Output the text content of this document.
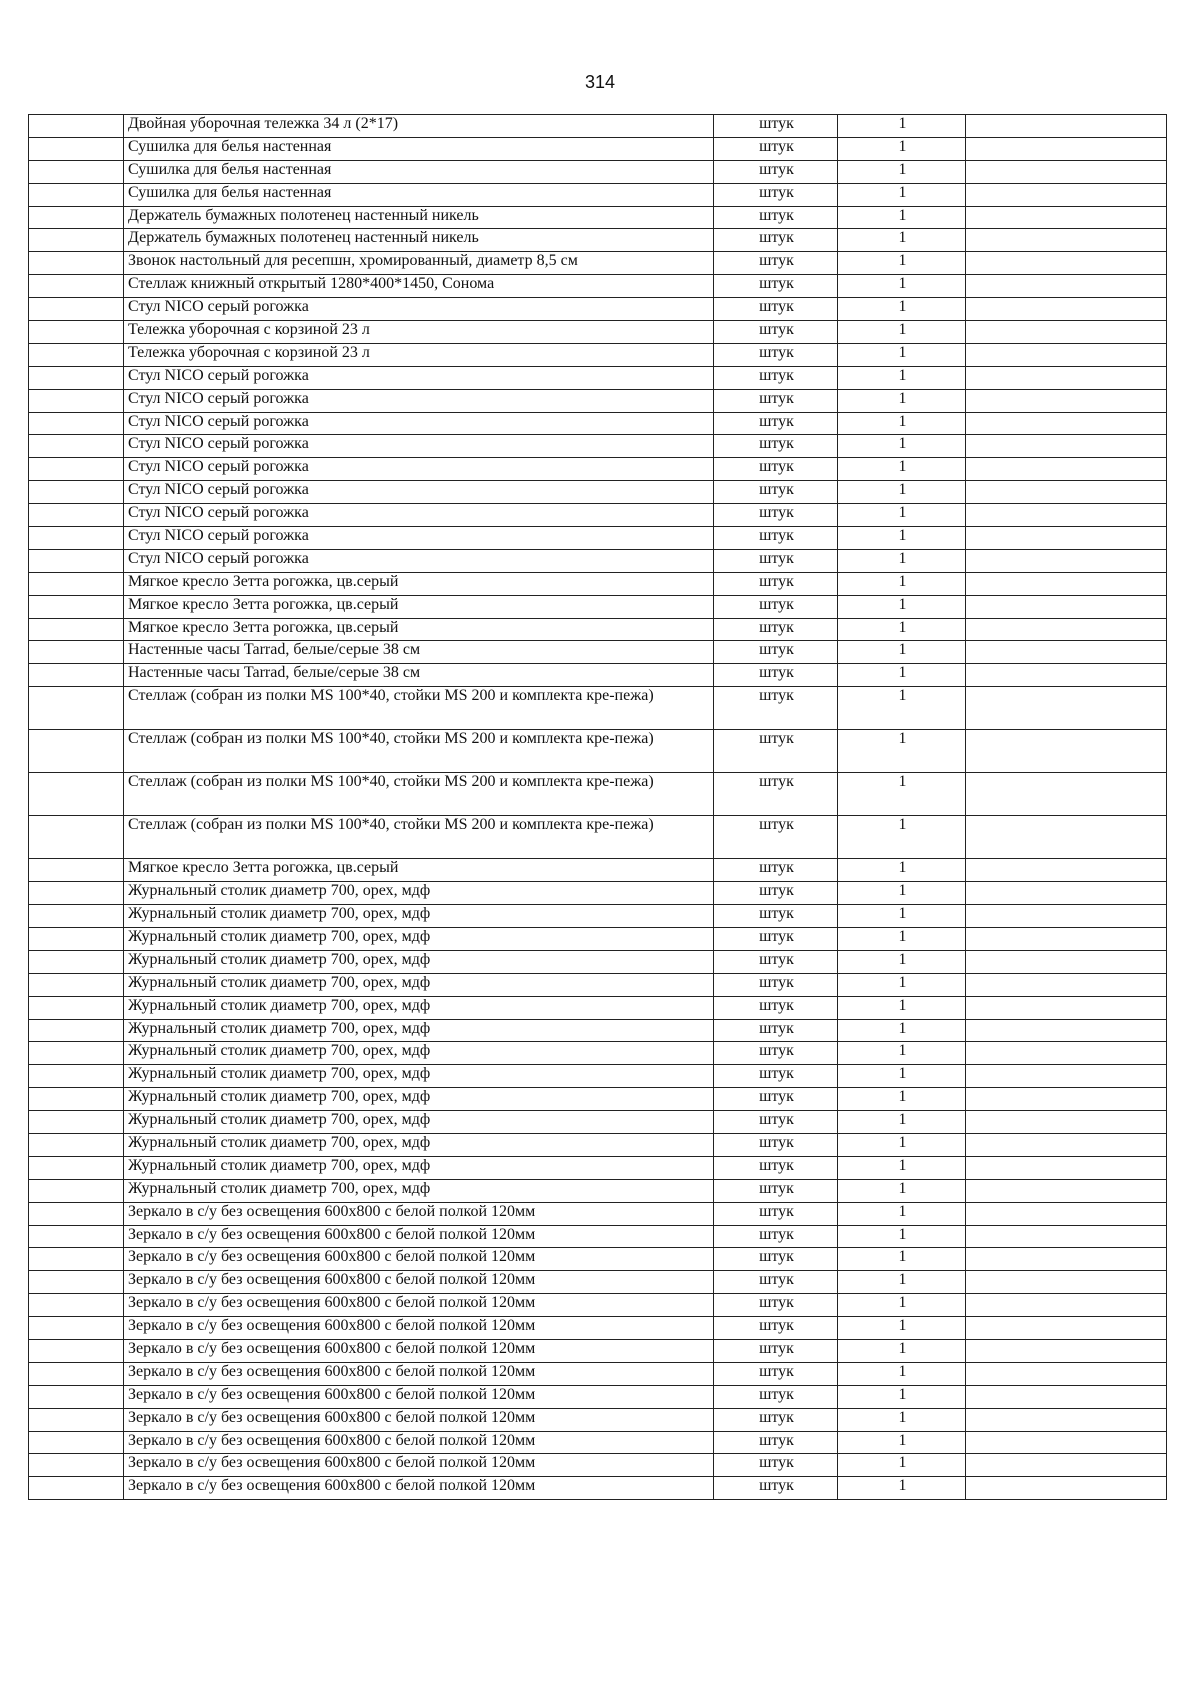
314
	Двойная уборочная тележка 34 л (2*17)	штук	1	
	Сушилка для белья настенная	штук	1	
	Сушилка для белья настенная	штук	1	
	Сушилка для белья настенная	штук	1	
	Держатель бумажных полотенец настенный никель	штук	1	
	Держатель бумажных полотенец настенный никель	штук	1	
	Звонок настольный для ресепшн, хромированный, диаметр 8,5 см	штук	1	
	Стеллаж книжный открытый 1280*400*1450, Сонома	штук	1	
	Стул NICO серый рогожка	штук	1	
	Тележка уборочная с корзиной 23 л	штук	1	
	Тележка уборочная с корзиной 23 л	штук	1	
	Стул NICO серый рогожка	штук	1	
	Стул NICO серый рогожка	штук	1	
	Стул NICO серый рогожка	штук	1	
	Стул NICO серый рогожка	штук	1	
	Стул NICO серый рогожка	штук	1	
	Стул NICO серый рогожка	штук	1	
	Стул NICO серый рогожка	штук	1	
	Стул NICO серый рогожка	штук	1	
	Стул NICO серый рогожка	штук	1	
	Мягкое кресло Зетта рогожка, цв.серый	штук	1	
	Мягкое кресло Зетта рогожка, цв.серый	штук	1	
	Мягкое кресло Зетта рогожка, цв.серый	штук	1	
	Настенные часы Tarrad, белые/серые 38 см	штук	1	
	Настенные часы Tarrad, белые/серые 38 см	штук	1	
	Стеллаж (собран из полки MS 100*40, стойки MS 200 и комплекта кре-пежа)	штук	1	
	Стеллаж (собран из полки MS 100*40, стойки MS 200 и комплекта кре-пежа)	штук	1	
	Стеллаж (собран из полки MS 100*40, стойки MS 200 и комплекта кре-пежа)	штук	1	
	Стеллаж (собран из полки MS 100*40, стойки MS 200 и комплекта кре-пежа)	штук	1	
	Мягкое кресло Зетта рогожка, цв.серый	штук	1	
	Журнальный столик диаметр 700, орех, мдф	штук	1	
	Журнальный столик диаметр 700, орех, мдф	штук	1	
	Журнальный столик диаметр 700, орех, мдф	штук	1	
	Журнальный столик диаметр 700, орех, мдф	штук	1	
	Журнальный столик диаметр 700, орех, мдф	штук	1	
	Журнальный столик диаметр 700, орех, мдф	штук	1	
	Журнальный столик диаметр 700, орех, мдф	штук	1	
	Журнальный столик диаметр 700, орех, мдф	штук	1	
	Журнальный столик диаметр 700, орех, мдф	штук	1	
	Журнальный столик диаметр 700, орех, мдф	штук	1	
	Журнальный столик диаметр 700, орех, мдф	штук	1	
	Журнальный столик диаметр 700, орех, мдф	штук	1	
	Журнальный столик диаметр 700, орех, мдф	штук	1	
	Журнальный столик диаметр 700, орех, мдф	штук	1	
	Зеркало в с/у без освещения 600х800 с белой полкой 120мм	штук	1	
	Зеркало в с/у без освещения 600х800 с белой полкой 120мм	штук	1	
	Зеркало в с/у без освещения 600х800 с белой полкой 120мм	штук	1	
	Зеркало в с/у без освещения 600х800 с белой полкой 120мм	штук	1	
	Зеркало в с/у без освещения 600х800 с белой полкой 120мм	штук	1	
	Зеркало в с/у без освещения 600х800 с белой полкой 120мм	штук	1	
	Зеркало в с/у без освещения 600х800 с белой полкой 120мм	штук	1	
	Зеркало в с/у без освещения 600х800 с белой полкой 120мм	штук	1	
	Зеркало в с/у без освещения 600х800 с белой полкой 120мм	штук	1	
	Зеркало в с/у без освещения 600х800 с белой полкой 120мм	штук	1	
	Зеркало в с/у без освещения 600х800 с белой полкой 120мм	штук	1	
	Зеркало в с/у без освещения 600х800 с белой полкой 120мм	штук	1	
	Зеркало в с/у без освещения 600х800 с белой полкой 120мм	штук	1	
